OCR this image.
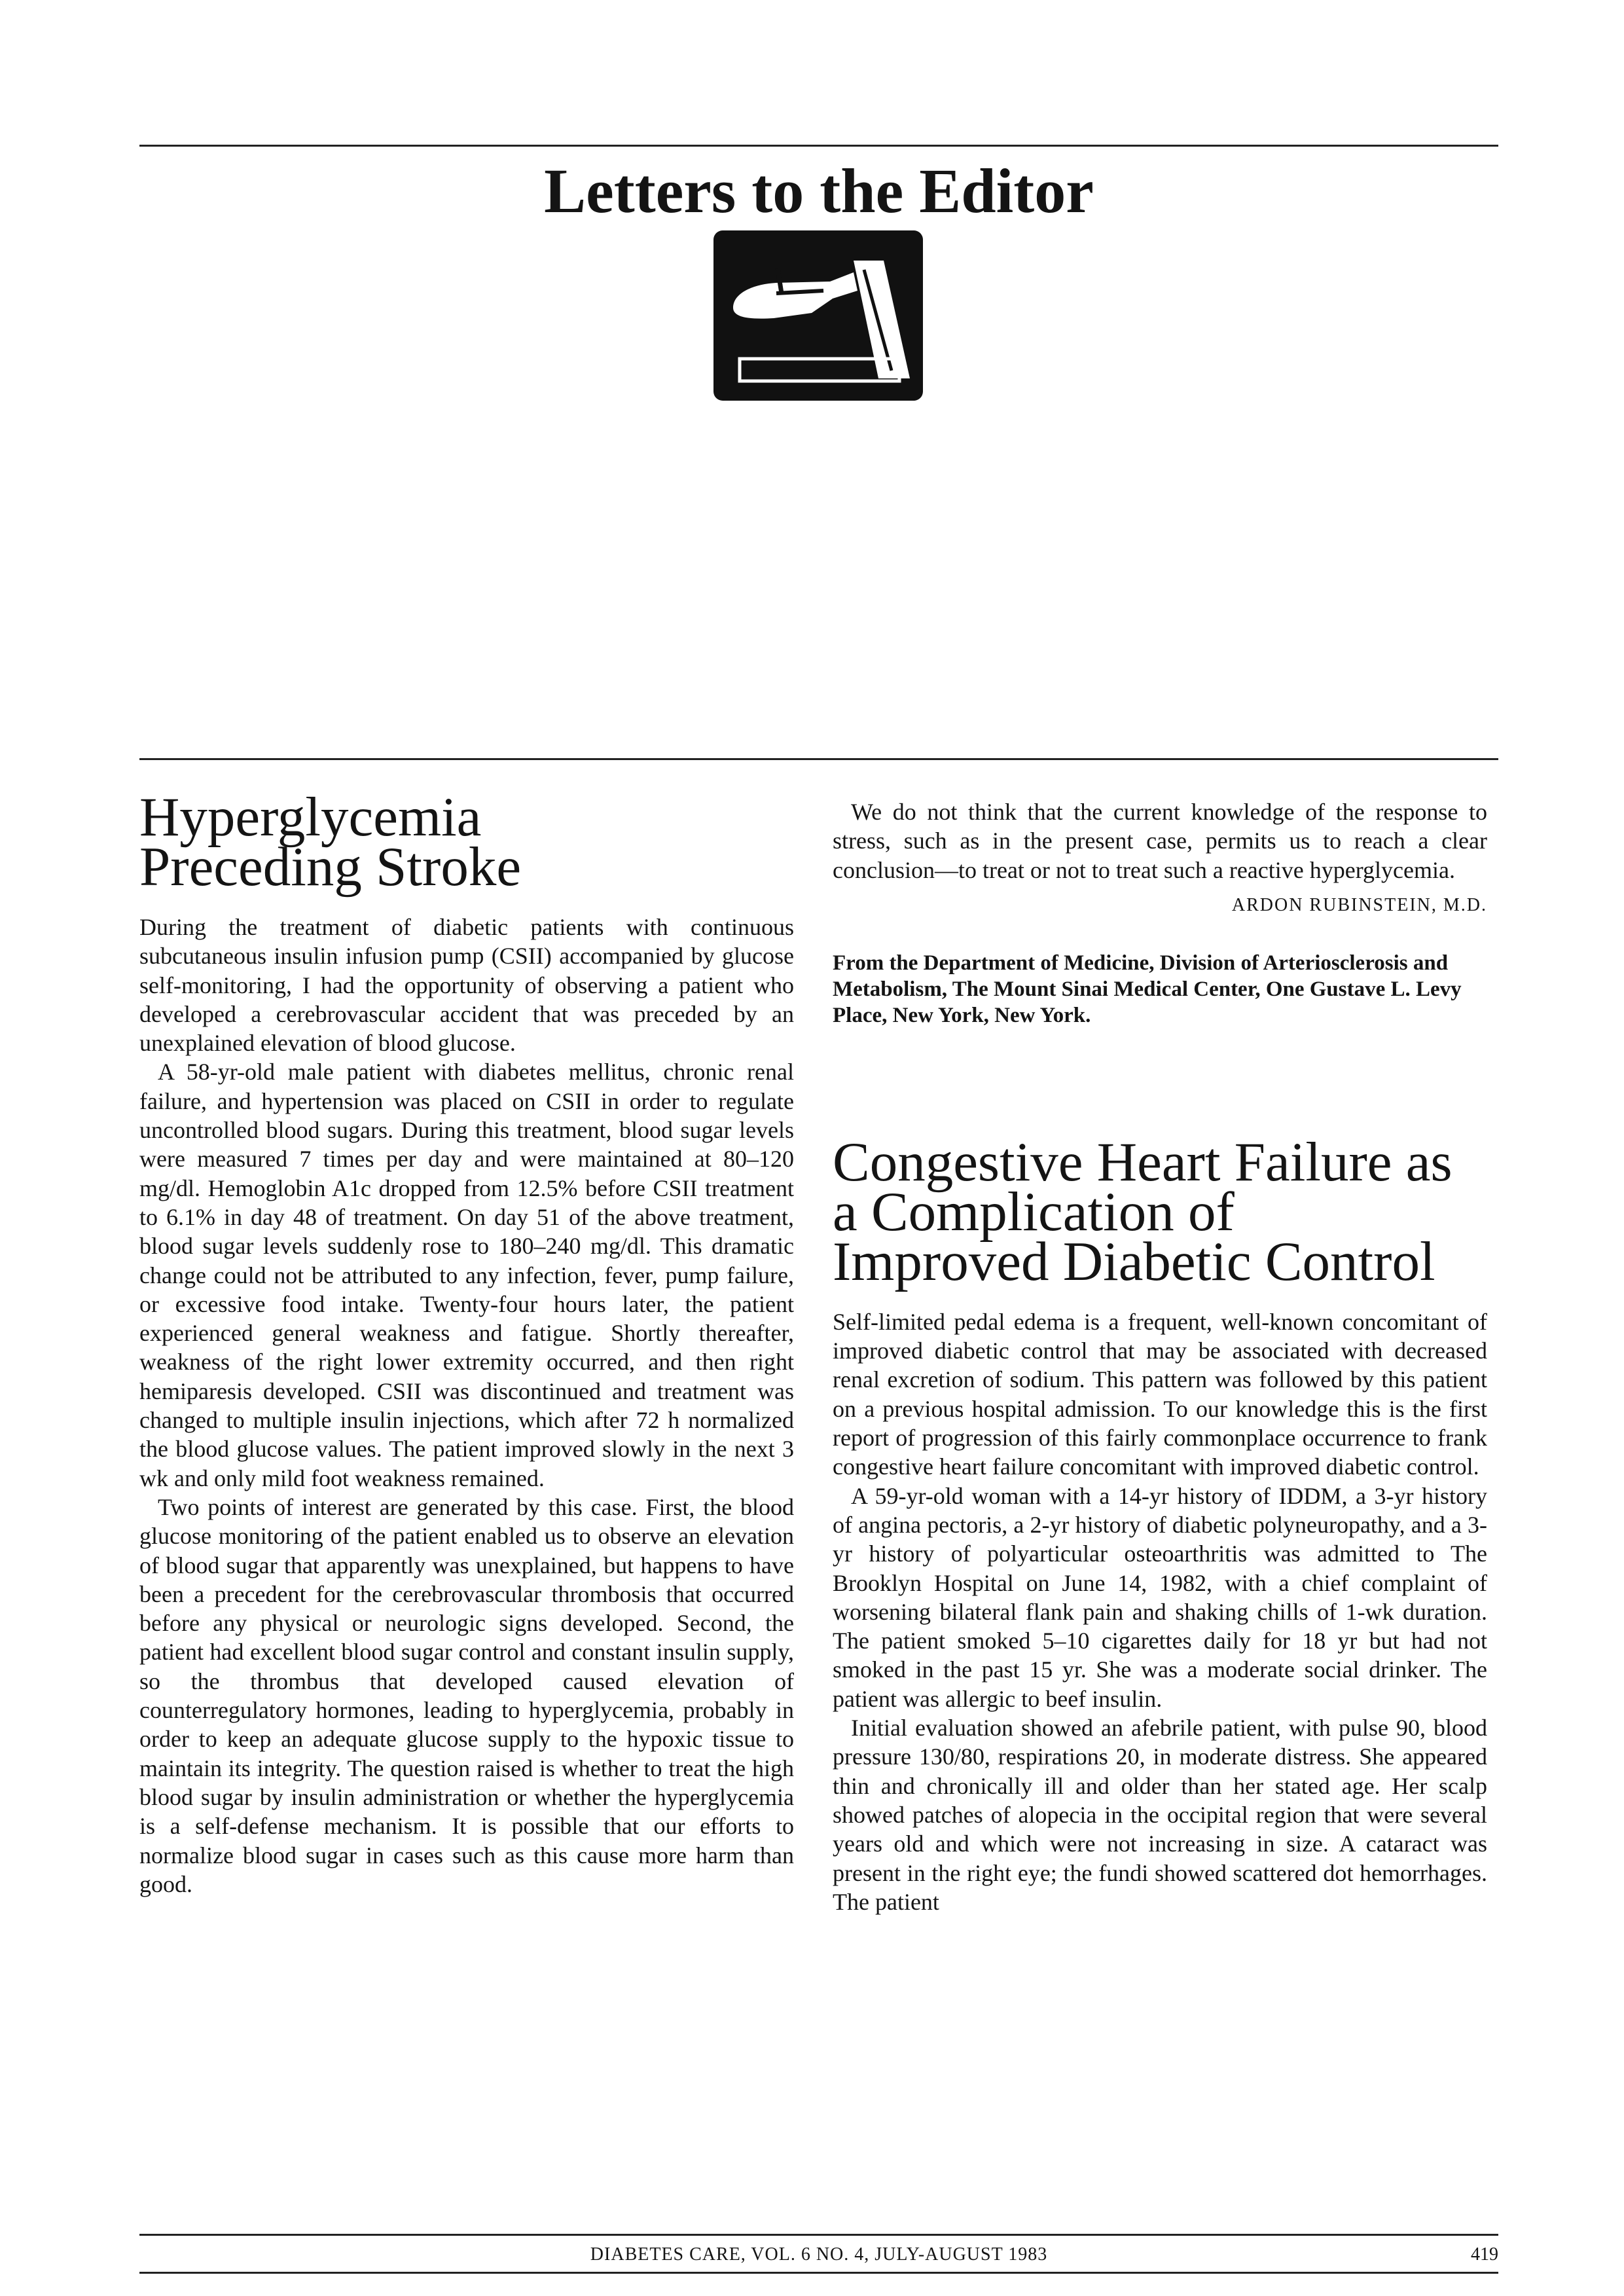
Letters to the Editor
Hyperglycemia Preceding Stroke

During the treatment of diabetic patients with continuous subcutaneous insulin infusion pump (CSII) accompanied by glucose self-monitoring, I had the opportunity of observing a patient who developed a cerebrovascular accident that was preceded by an unexplained elevation of blood glucose.

A 58-yr-old male patient with diabetes mellitus, chronic renal failure, and hypertension was placed on CSII in order to regulate uncontrolled blood sugars. During this treatment, blood sugar levels were measured 7 times per day and were maintained at 80–120 mg/dl. Hemoglobin A1c dropped from 12.5% before CSII treatment to 6.1% in day 48 of treatment. On day 51 of the above treatment, blood sugar levels suddenly rose to 180–240 mg/dl. This dramatic change could not be attributed to any infection, fever, pump failure, or excessive food intake. Twenty-four hours later, the patient experienced general weakness and fatigue. Shortly thereafter, weakness of the right lower extremity occurred, and then right hemiparesis developed. CSII was discontinued and treatment was changed to multiple insulin injections, which after 72 h normalized the blood glucose values. The patient improved slowly in the next 3 wk and only mild foot weakness remained.

Two points of interest are generated by this case. First, the blood glucose monitoring of the patient enabled us to observe an elevation of blood sugar that apparently was unexplained, but happens to have been a precedent for the cerebrovascular thrombosis that occurred before any physical or neurologic signs developed. Second, the patient had excellent blood sugar control and constant insulin supply, so the thrombus that developed caused elevation of counterregulatory hormones, leading to hyperglycemia, probably in order to keep an adequate glucose supply to the hypoxic tissue to maintain its integrity. The question raised is whether to treat the high blood sugar by insulin administration or whether the hyperglycemia is a self-defense mechanism. It is possible that our efforts to normalize blood sugar in cases such as this cause more harm than good.

We do not think that the current knowledge of the response to stress, such as in the present case, permits us to reach a clear conclusion—to treat or not to treat such a reactive hyperglycemia.

ARDON RUBINSTEIN, M.D.

From the Department of Medicine, Division of Arteriosclerosis and Metabolism, The Mount Sinai Medical Center, One Gustave L. Levy Place, New York, New York.

Congestive Heart Failure as a Complication of Improved Diabetic Control

Self-limited pedal edema is a frequent, well-known concomitant of improved diabetic control that may be associated with decreased renal excretion of sodium. This pattern was followed by this patient on a previous hospital admission. To our knowledge this is the first report of progression of this fairly commonplace occurrence to frank congestive heart failure concomitant with improved diabetic control.

A 59-yr-old woman with a 14-yr history of IDDM, a 3-yr history of angina pectoris, a 2-yr history of diabetic polyneuropathy, and a 3-yr history of polyarticular osteoarthritis was admitted to The Brooklyn Hospital on June 14, 1982, with a chief complaint of worsening bilateral flank pain and shaking chills of 1-wk duration. The patient smoked 5–10 cigarettes daily for 18 yr but had not smoked in the past 15 yr. She was a moderate social drinker. The patient was allergic to beef insulin.

Initial evaluation showed an afebrile patient, with pulse 90, blood pressure 130/80, respirations 20, in moderate distress. She appeared thin and chronically ill and older than her stated age. Her scalp showed patches of alopecia in the occipital region that were several years old and which were not increasing in size. A cataract was present in the right eye; the fundi showed scattered dot hemorrhages. The patient

DIABETES CARE, VOL. 6 NO. 4, JULY-AUGUST 1983	419
